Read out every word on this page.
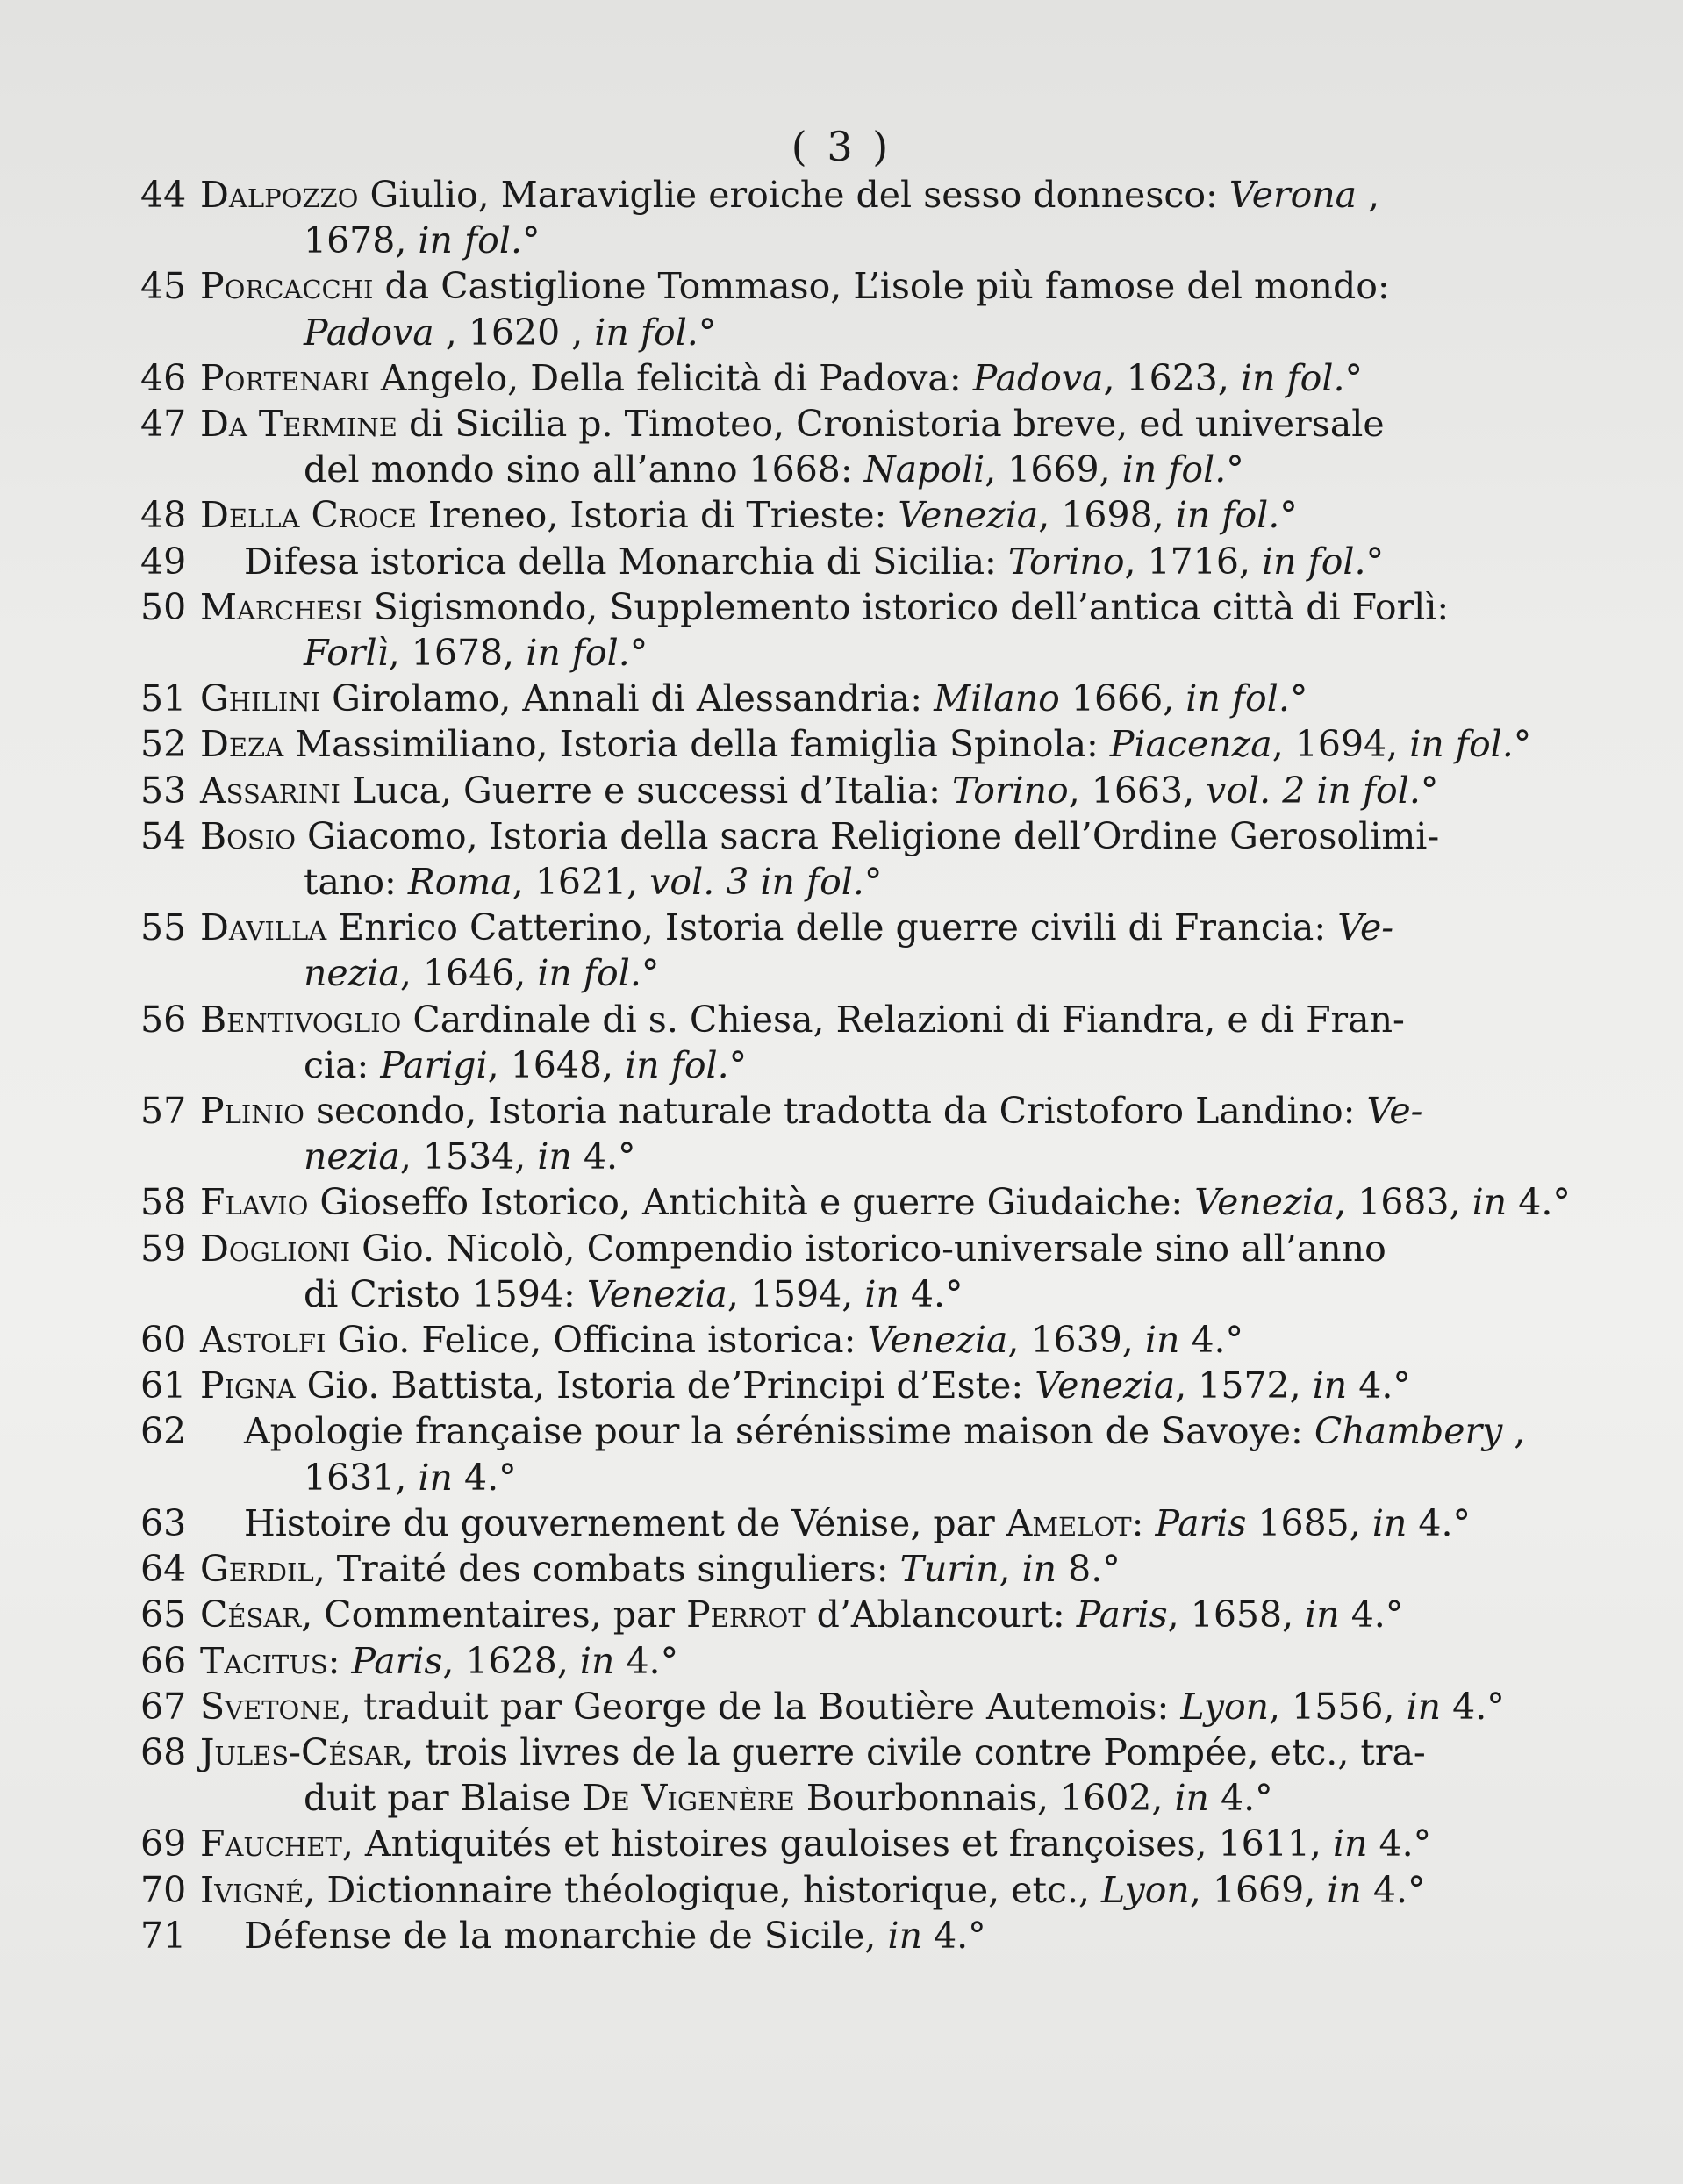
( 3 )
44 Dalpozzo Giulio, Maraviglie eroiche del sesso donnesco: Verona ,
1678, in fol.°
45 Porcacchi da Castiglione Tommaso, L’isole più famose del mondo:
Padova , 1620 , in fol.°
46 Portenari Angelo, Della felicità di Padova: Padova, 1623, in fol.°
47 Da Termine di Sicilia p. Timoteo, Cronistoria breve, ed universale
del mondo sino all’anno 1668: Napoli, 1669, in fol.°
48 Della Croce Ireneo, Istoria di Trieste: Venezia, 1698, in fol.°
49	Difesa istorica della Monarchia di Sicilia: Torino, 1716, in fol.°
50 Marchesi Sigismondo, Supplemento istorico dell’antica città di Forlì:
Forlì, 1678, in fol.°
51 Ghilini Girolamo, Annali di Alessandria: Milano 1666, in fol.°
52 Deza Massimiliano, Istoria della famiglia Spinola: Piacenza, 1694, in fol.°
53 Assarini Luca, Guerre e successi d’Italia: Torino, 1663, vol. 2 in fol.°
54 Bosio Giacomo, Istoria della sacra Religione dell’Ordine Gerosolimi-
tano: Roma, 1621, vol. 3 in fol.°
55 Davilla Enrico Catterino, Istoria delle guerre civili di Francia: Ve-
nezia, 1646, in fol.°
56 Bentivoglio Cardinale di s. Chiesa, Relazioni di Fiandra, e di Fran-
cia: Parigi, 1648, in fol.°
57 Plinio secondo, Istoria naturale tradotta da Cristoforo Landino: Ve-
nezia, 1534, in 4.°
58 Flavio Gioseffo Istorico, Antichità e guerre Giudaiche: Venezia, 1683, in 4.°
59 Doglioni Gio. Nicolò, Compendio istorico-universale sino all’anno
di Cristo 1594: Venezia, 1594, in 4.°
60 Astolfi Gio. Felice, Officina istorica: Venezia, 1639, in 4.°
61 Pigna Gio. Battista, Istoria de’Principi d’Este: Venezia, 1572, in 4.°
62	Apologie française pour la sérénissime maison de Savoye: Chambery ,
1631, in 4.°
63	Histoire du gouvernement de Vénise, par Amelot: Paris 1685, in 4.°
64 Gerdil, Traité des combats singuliers: Turin, in 8.°
65 César, Commentaires, par Perrot d’Ablancourt: Paris, 1658, in 4.°
66 Tacitus: Paris, 1628, in 4.°
67 Svetone, traduit par George de la Boutière Autemois: Lyon, 1556, in 4.°
68 Jules-César, trois livres de la guerre civile contre Pompée, etc., tra-
duit par Blaise De Vigenère Bourbonnais, 1602, in 4.°
69 Fauchet, Antiquités et histoires gauloises et françoises, 1611, in 4.°
70 Ivigné, Dictionnaire théologique, historique, etc., Lyon, 1669, in 4.°
71	Défense de la monarchie de Sicile, in 4.°
